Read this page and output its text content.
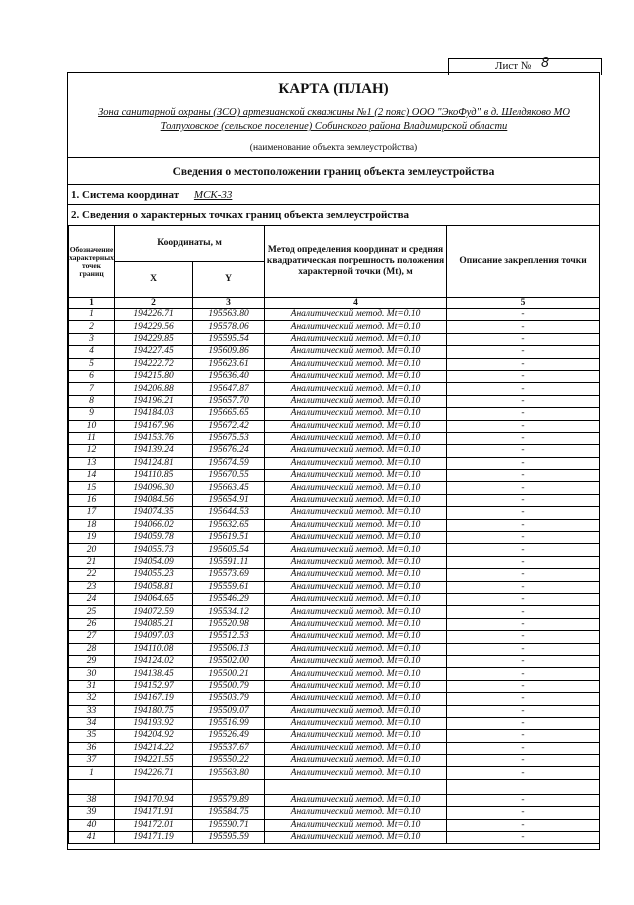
Лист № 8
КАРТА (ПЛАН)
Зона санитарной охраны (ЗСО) артезианской скважины №1 (2 пояс) ООО "ЭкоФуд" в д. Шелдяково МО Толпуховское (сельское поселение) Собинского района Владимирской области
(наименование объекта землеустройства)
Сведения о местоположении границ объекта землеустройства
1. Система координат МСК-33
2. Сведения о характерных точках границ объекта землеустройства
Обозначение характерных точек границ	Координаты, м		Метод определения координат и средняя квадратическая погрешность положения характерной точки (Mt), м	Описание закрепления точки
	X	Y		
1	2	3	4	5
1	194226.71	195563.80	Аналитический метод. Mt=0.10	-
2	194229.56	195578.06	Аналитический метод. Mt=0.10	-
3	194229.85	195595.54	Аналитический метод. Mt=0.10	-
4	194227.45	195609.86	Аналитический метод. Mt=0.10	-
5	194222.72	195623.61	Аналитический метод. Mt=0.10	-
6	194215.80	195636.40	Аналитический метод. Mt=0.10	-
7	194206.88	195647.87	Аналитический метод. Mt=0.10	-
8	194196.21	195657.70	Аналитический метод. Mt=0.10	-
9	194184.03	195665.65	Аналитический метод. Mt=0.10	-
10	194167.96	195672.42	Аналитический метод. Mt=0.10	-
11	194153.76	195675.53	Аналитический метод. Mt=0.10	-
12	194139.24	195676.24	Аналитический метод. Mt=0.10	-
13	194124.81	195674.59	Аналитический метод. Mt=0.10	-
14	194110.85	195670.55	Аналитический метод. Mt=0.10	-
15	194096.30	195663.45	Аналитический метод. Mt=0.10	-
16	194084.56	195654.91	Аналитический метод. Mt=0.10	-
17	194074.35	195644.53	Аналитический метод. Mt=0.10	-
18	194066.02	195632.65	Аналитический метод. Mt=0.10	-
19	194059.78	195619.51	Аналитический метод. Mt=0.10	-
20	194055.73	195605.54	Аналитический метод. Mt=0.10	-
21	194054.09	195591.11	Аналитический метод. Mt=0.10	-
22	194055.23	195573.69	Аналитический метод. Mt=0.10	-
23	194058.81	195559.61	Аналитический метод. Mt=0.10	-
24	194064.65	195546.29	Аналитический метод. Mt=0.10	-
25	194072.59	195534.12	Аналитический метод. Mt=0.10	-
26	194085.21	195520.98	Аналитический метод. Mt=0.10	-
27	194097.03	195512.53	Аналитический метод. Mt=0.10	-
28	194110.08	195506.13	Аналитический метод. Mt=0.10	-
29	194124.02	195502.00	Аналитический метод. Mt=0.10	-
30	194138.45	195500.21	Аналитический метод. Mt=0.10	-
31	194152.97	195500.79	Аналитический метод. Mt=0.10	-
32	194167.19	195503.79	Аналитический метод. Mt=0.10	-
33	194180.75	195509.07	Аналитический метод. Mt=0.10	-
34	194193.92	195516.99	Аналитический метод. Mt=0.10	-
35	194204.92	195526.49	Аналитический метод. Mt=0.10	-
36	194214.22	195537.67	Аналитический метод. Mt=0.10	-
37	194221.55	195550.22	Аналитический метод. Mt=0.10	-
1	194226.71	195563.80	Аналитический метод. Mt=0.10	-

38	194170.94	195579.89	Аналитический метод. Mt=0.10	-
39	194171.91	195584.75	Аналитический метод. Mt=0.10	-
40	194172.01	195590.71	Аналитический метод. Mt=0.10	-
41	194171.19	195595.59	Аналитический метод. Mt=0.10	-
